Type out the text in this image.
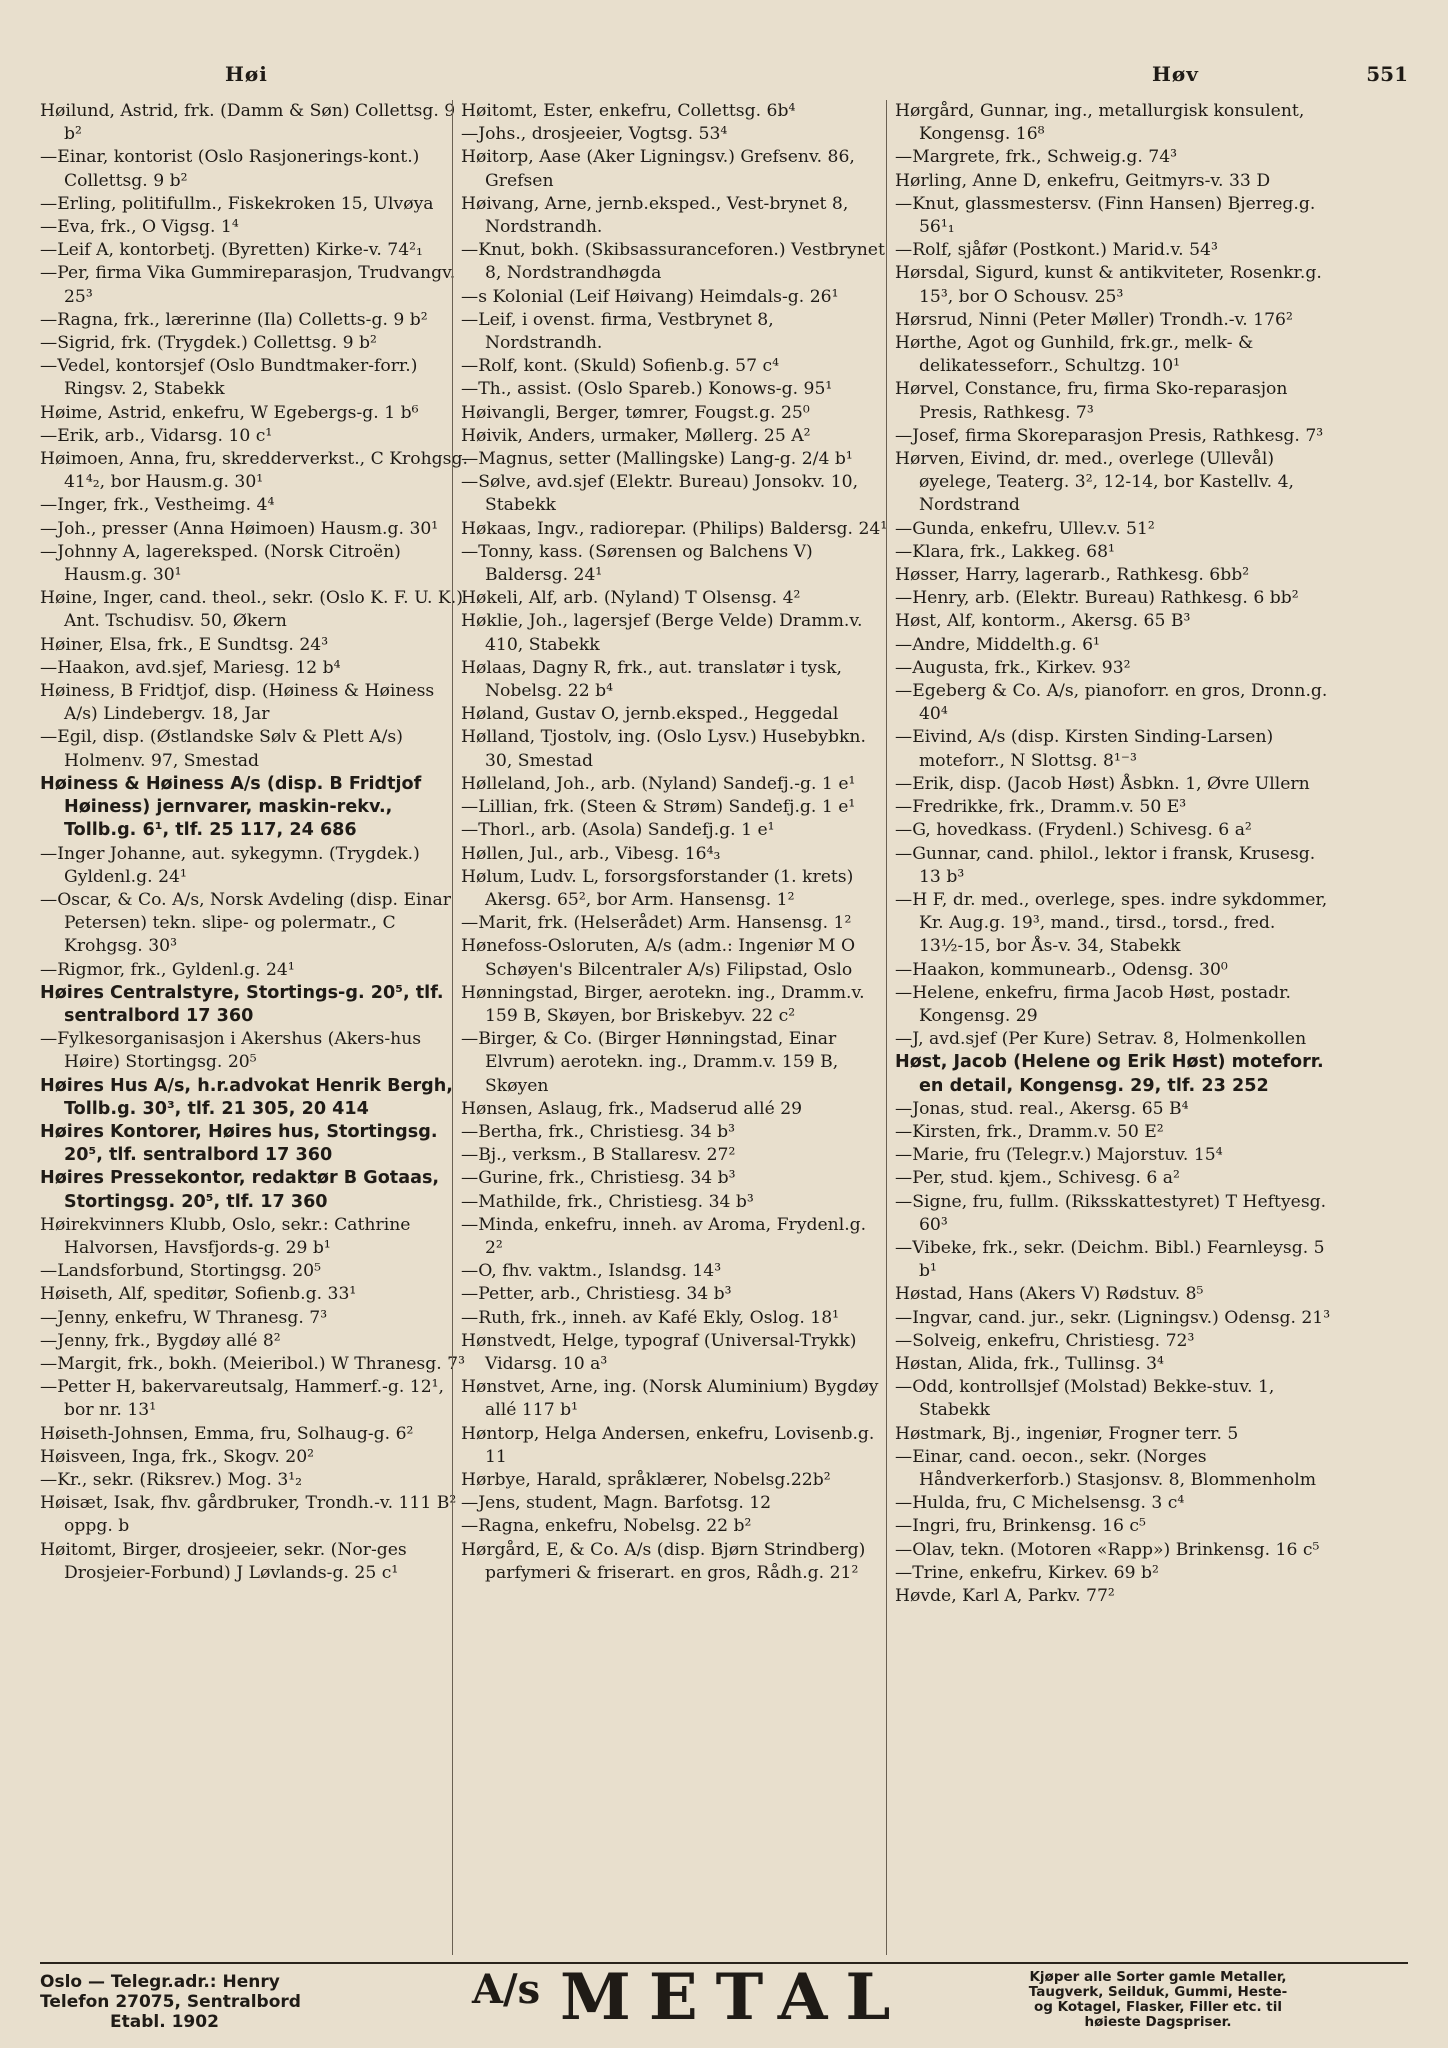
Høi	Høv	551

Høilund, Astrid, frk. (Damm & Søn) Collettsg. 9 b²

—Einar, kontorist (Oslo Rasjonerings-kont.) Collettsg. 9 b²

—Erling, politifullm., Fiskekroken 15, Ulvøya

—Eva, frk., O Vigsg. 1⁴

—Leif A, kontorbetj. (Byretten) Kirke-v. 74²₁

—Per, firma Vika Gummireparasjon, Trudvangv. 25³

—Ragna, frk., lærerinne (Ila) Colletts-g. 9 b²

—Sigrid, frk. (Trygdek.) Collettsg. 9 b²

—Vedel, kontorsjef (Oslo Bundtmaker-forr.) Ringsv. 2, Stabekk

Høime, Astrid, enkefru, W Egebergs-g. 1 b⁶

—Erik, arb., Vidarsg. 10 c¹

Høimoen, Anna, fru, skredderverkst., C Krohgsg. 41⁴₂, bor Hausm.g. 30¹

—Inger, frk., Vestheimg. 4⁴

—Joh., presser (Anna Høimoen) Hausm.g. 30¹

—Johnny A, lagereksped. (Norsk Citroën) Hausm.g. 30¹

Høine, Inger, cand. theol., sekr. (Oslo K. F. U. K.) Ant. Tschudisv. 50, Økern

Høiner, Elsa, frk., E Sundtsg. 24³

—Haakon, avd.sjef, Mariesg. 12 b⁴

Høiness, B Fridtjof, disp. (Høiness & Høiness A/s) Lindebergv. 18, Jar

—Egil, disp. (Østlandske Sølv & Plett A/s) Holmenv. 97, Smestad

Høiness & Høiness A/s (disp. B Fridtjof Høiness) jernvarer, maskin-rekv., Tollb.g. 6¹, tlf. 25 117, 24 686

—Inger Johanne, aut. sykegymn. (Trygdek.) Gyldenl.g. 24¹

—Oscar, & Co. A/s, Norsk Avdeling (disp. Einar Petersen) tekn. slipe- og polermatr., C Krohgsg. 30³

—Rigmor, frk., Gyldenl.g. 24¹

Høires Centralstyre, Stortings-g. 20⁵, tlf. sentralbord 17 360

—Fylkesorganisasjon i Akershus (Akers-hus Høire) Stortingsg. 20⁵

Høires Hus A/s, h.r.advokat Henrik Bergh, Tollb.g. 30³, tlf. 21 305, 20 414

Høires Kontorer, Høires hus, Stortingsg. 20⁵, tlf. sentralbord 17 360

Høires Pressekontor, redaktør B Gotaas, Stortingsg. 20⁵, tlf. 17 360

Høirekvinners Klubb, Oslo, sekr.: Cathrine Halvorsen, Havsfjords-g. 29 b¹

—Landsforbund, Stortingsg. 20⁵

Høiseth, Alf, speditør, Sofienb.g. 33¹

—Jenny, enkefru, W Thranesg. 7³

—Jenny, frk., Bygdøy allé 8²

—Margit, frk., bokh. (Meieribol.) W Thranesg. 7³

—Petter H, bakervareutsalg, Hammerf.-g. 12¹, bor nr. 13¹

Høiseth-Johnsen, Emma, fru, Solhaug-g. 6²

Høisveen, Inga, frk., Skogv. 20²

—Kr., sekr. (Riksrev.) Mog. 3¹₂

Høisæt, Isak, fhv. gårdbruker, Trondh.-v. 111 B² oppg. b

Høitomt, Birger, drosjeeier, sekr. (Nor-ges Drosjeier-Forbund) J Løvlands-g. 25 c¹

Høitomt, Ester, enkefru, Collettsg. 6b⁴

—Johs., drosjeeier, Vogtsg. 53⁴

Høitorp, Aase (Aker Ligningsv.) Grefsenv. 86, Grefsen

Høivang, Arne, jernb.eksped., Vest-brynet 8, Nordstrandh.

—Knut, bokh. (Skibsassuranceforen.) Vestbrynet 8, Nordstrandhøgda

—s Kolonial (Leif Høivang) Heimdals-g. 26¹

—Leif, i ovenst. firma, Vestbrynet 8, Nordstrandh.

—Rolf, kont. (Skuld) Sofienb.g. 57 c⁴

—Th., assist. (Oslo Spareb.) Konows-g. 95¹

Høivangli, Berger, tømrer, Fougst.g. 25⁰

Høivik, Anders, urmaker, Møllerg. 25 A²

—Magnus, setter (Mallingske) Lang-g. 2/4 b¹

—Sølve, avd.sjef (Elektr. Bureau) Jonsokv. 10, Stabekk

Høkaas, Ingv., radiorepar. (Philips) Baldersg. 24¹

—Tonny, kass. (Sørensen og Balchens V) Baldersg. 24¹

Høkeli, Alf, arb. (Nyland) T Olsensg. 4²

Høklie, Joh., lagersjef (Berge Velde) Dramm.v. 410, Stabekk

Hølaas, Dagny R, frk., aut. translatør i tysk, Nobelsg. 22 b⁴

Høland, Gustav O, jernb.eksped., Heggedal

Hølland, Tjostolv, ing. (Oslo Lysv.) Husebybkn. 30, Smestad

Hølleland, Joh., arb. (Nyland) Sandefj.-g. 1 e¹

—Lillian, frk. (Steen & Strøm) Sandefj.g. 1 e¹

—Thorl., arb. (Asola) Sandefj.g. 1 e¹

Høllen, Jul., arb., Vibesg. 16⁴₃

Hølum, Ludv. L, forsorgsforstander (1. krets) Akersg. 65², bor Arm. Hansensg. 1²

—Marit, frk. (Helserådet) Arm. Hansensg. 1²

Hønefoss-Osloruten, A/s (adm.: Ingeniør M O Schøyen's Bilcentraler A/s) Filipstad, Oslo

Hønningstad, Birger, aerotekn. ing., Dramm.v. 159 B, Skøyen, bor Briskebyv. 22 c²

—Birger, & Co. (Birger Hønningstad, Einar Elvrum) aerotekn. ing., Dramm.v. 159 B, Skøyen

Hønsen, Aslaug, frk., Madserud allé 29

—Bertha, frk., Christiesg. 34 b³

—Bj., verksm., B Stallaresv. 27²

—Gurine, frk., Christiesg. 34 b³

—Mathilde, frk., Christiesg. 34 b³

—Minda, enkefru, inneh. av Aroma, Frydenl.g. 2²

—O, fhv. vaktm., Islandsg. 14³

—Petter, arb., Christiesg. 34 b³

—Ruth, frk., inneh. av Kafé Ekly, Oslog. 18¹

Hønstvedt, Helge, typograf (Universal-Trykk) Vidarsg. 10 a³

Hønstvet, Arne, ing. (Norsk Aluminium) Bygdøy allé 117 b¹

Høntorp, Helga Andersen, enkefru, Lovisenb.g. 11

Hørbye, Harald, språklærer, Nobelsg.22b²

—Jens, student, Magn. Barfotsg. 12

—Ragna, enkefru, Nobelsg. 22 b²

Hørgård, E, & Co. A/s (disp. Bjørn Strindberg) parfymeri & friserart. en gros, Rådh.g. 21²

Hørgård, Gunnar, ing., metallurgisk konsulent, Kongensg. 16⁸

—Margrete, frk., Schweig.g. 74³

Hørling, Anne D, enkefru, Geitmyrs-v. 33 D

—Knut, glassmestersv. (Finn Hansen) Bjerreg.g. 56¹₁

—Rolf, sjåfør (Postkont.) Marid.v. 54³

Hørsdal, Sigurd, kunst & antikviteter, Rosenkr.g. 15³, bor O Schousv. 25³

Hørsrud, Ninni (Peter Møller) Trondh.-v. 176²

Hørthe, Agot og Gunhild, frk.gr., melk- & delikatesseforr., Schultzg. 10¹

Hørvel, Constance, fru, firma Sko-reparasjon Presis, Rathkesg. 7³

—Josef, firma Skoreparasjon Presis, Rathkesg. 7³

Hørven, Eivind, dr. med., overlege (Ullevål) øyelege, Teaterg. 3², 12-14, bor Kastellv. 4, Nordstrand

—Gunda, enkefru, Ullev.v. 51²

—Klara, frk., Lakkeg. 68¹

Høsser, Harry, lagerarb., Rathkesg. 6bb²

—Henry, arb. (Elektr. Bureau) Rathkesg. 6 bb²

Høst, Alf, kontorm., Akersg. 65 B³

—Andre, Middelth.g. 6¹

—Augusta, frk., Kirkev. 93²

—Egeberg & Co. A/s, pianoforr. en gros, Dronn.g. 40⁴

—Eivind, A/s (disp. Kirsten Sinding-Larsen) moteforr., N Slottsg. 8¹⁻³

—Erik, disp. (Jacob Høst) Åsbkn. 1, Øvre Ullern

—Fredrikke, frk., Dramm.v. 50 E³

—G, hovedkass. (Frydenl.) Schivesg. 6 a²

—Gunnar, cand. philol., lektor i fransk, Krusesg. 13 b³

—H F, dr. med., overlege, spes. indre sykdommer, Kr. Aug.g. 19³, mand., tirsd., torsd., fred. 13½-15, bor Ås-v. 34, Stabekk

—Haakon, kommunearb., Odensg. 30⁰

—Helene, enkefru, firma Jacob Høst, postadr. Kongensg. 29

—J, avd.sjef (Per Kure) Setrav. 8, Holmenkollen

Høst, Jacob (Helene og Erik Høst) moteforr. en detail, Kongensg. 29, tlf. 23 252

—Jonas, stud. real., Akersg. 65 B⁴

—Kirsten, frk., Dramm.v. 50 E²

—Marie, fru (Telegr.v.) Majorstuv. 15⁴

—Per, stud. kjem., Schivesg. 6 a²

—Signe, fru, fullm. (Riksskattestyret) T Heftyesg. 60³

—Vibeke, frk., sekr. (Deichm. Bibl.) Fearnleysg. 5 b¹

Høstad, Hans (Akers V) Rødstuv. 8⁵

—Ingvar, cand. jur., sekr. (Ligningsv.) Odensg. 21³

—Solveig, enkefru, Christiesg. 72³

Høstan, Alida, frk., Tullinsg. 3⁴

—Odd, kontrollsjef (Molstad) Bekke-stuv. 1, Stabekk

Høstmark, Bj., ingeniør, Frogner terr. 5

—Einar, cand. oecon., sekr. (Norges Håndverkerforb.) Stasjonsv. 8, Blommenholm

—Hulda, fru, C Michelsensg. 3 c⁴

—Ingri, fru, Brinkensg. 16 c⁵

—Olav, tekn. (Motoren «Rapp») Brinkensg. 16 c⁵

—Trine, enkefru, Kirkev. 69 b²

Høvde, Karl A, Parkv. 77²

Oslo — Telegr.adr.: Henry
Telefon 27075, Sentralbord
Etabl. 1902
A/s METAL	Kjøper alle Sorter gamle Metaller,
Taugverk, Seilduk, Gummi, Heste-
og Kotagel, Flasker, Filler etc. til
høieste Dagspriser.
